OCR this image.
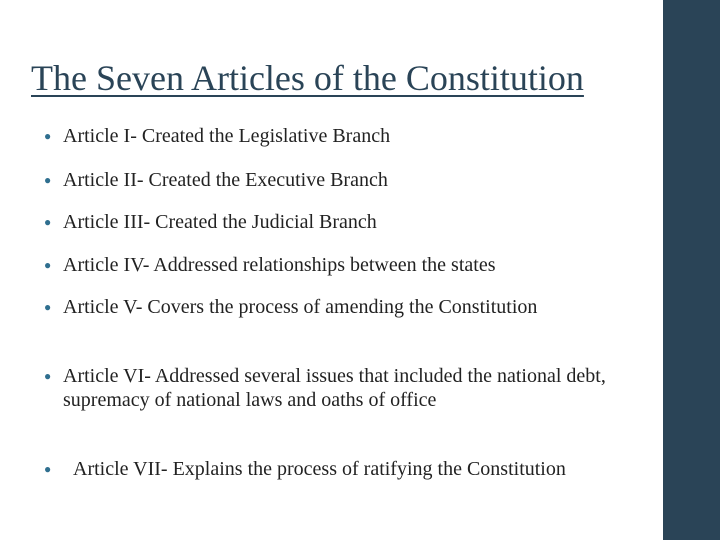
The Seven Articles of the Constitution
● Article I- Created the Legislative Branch
● Article II- Created the Executive Branch
● Article III- Created the Judicial Branch
● Article IV- Addressed relationships between the states
● Article V- Covers the process of amending the Constitution
● Article VI- Addressed several issues that included the national debt, supremacy of national laws and oaths of office
● Article VII- Explains the process of ratifying the Constitution
